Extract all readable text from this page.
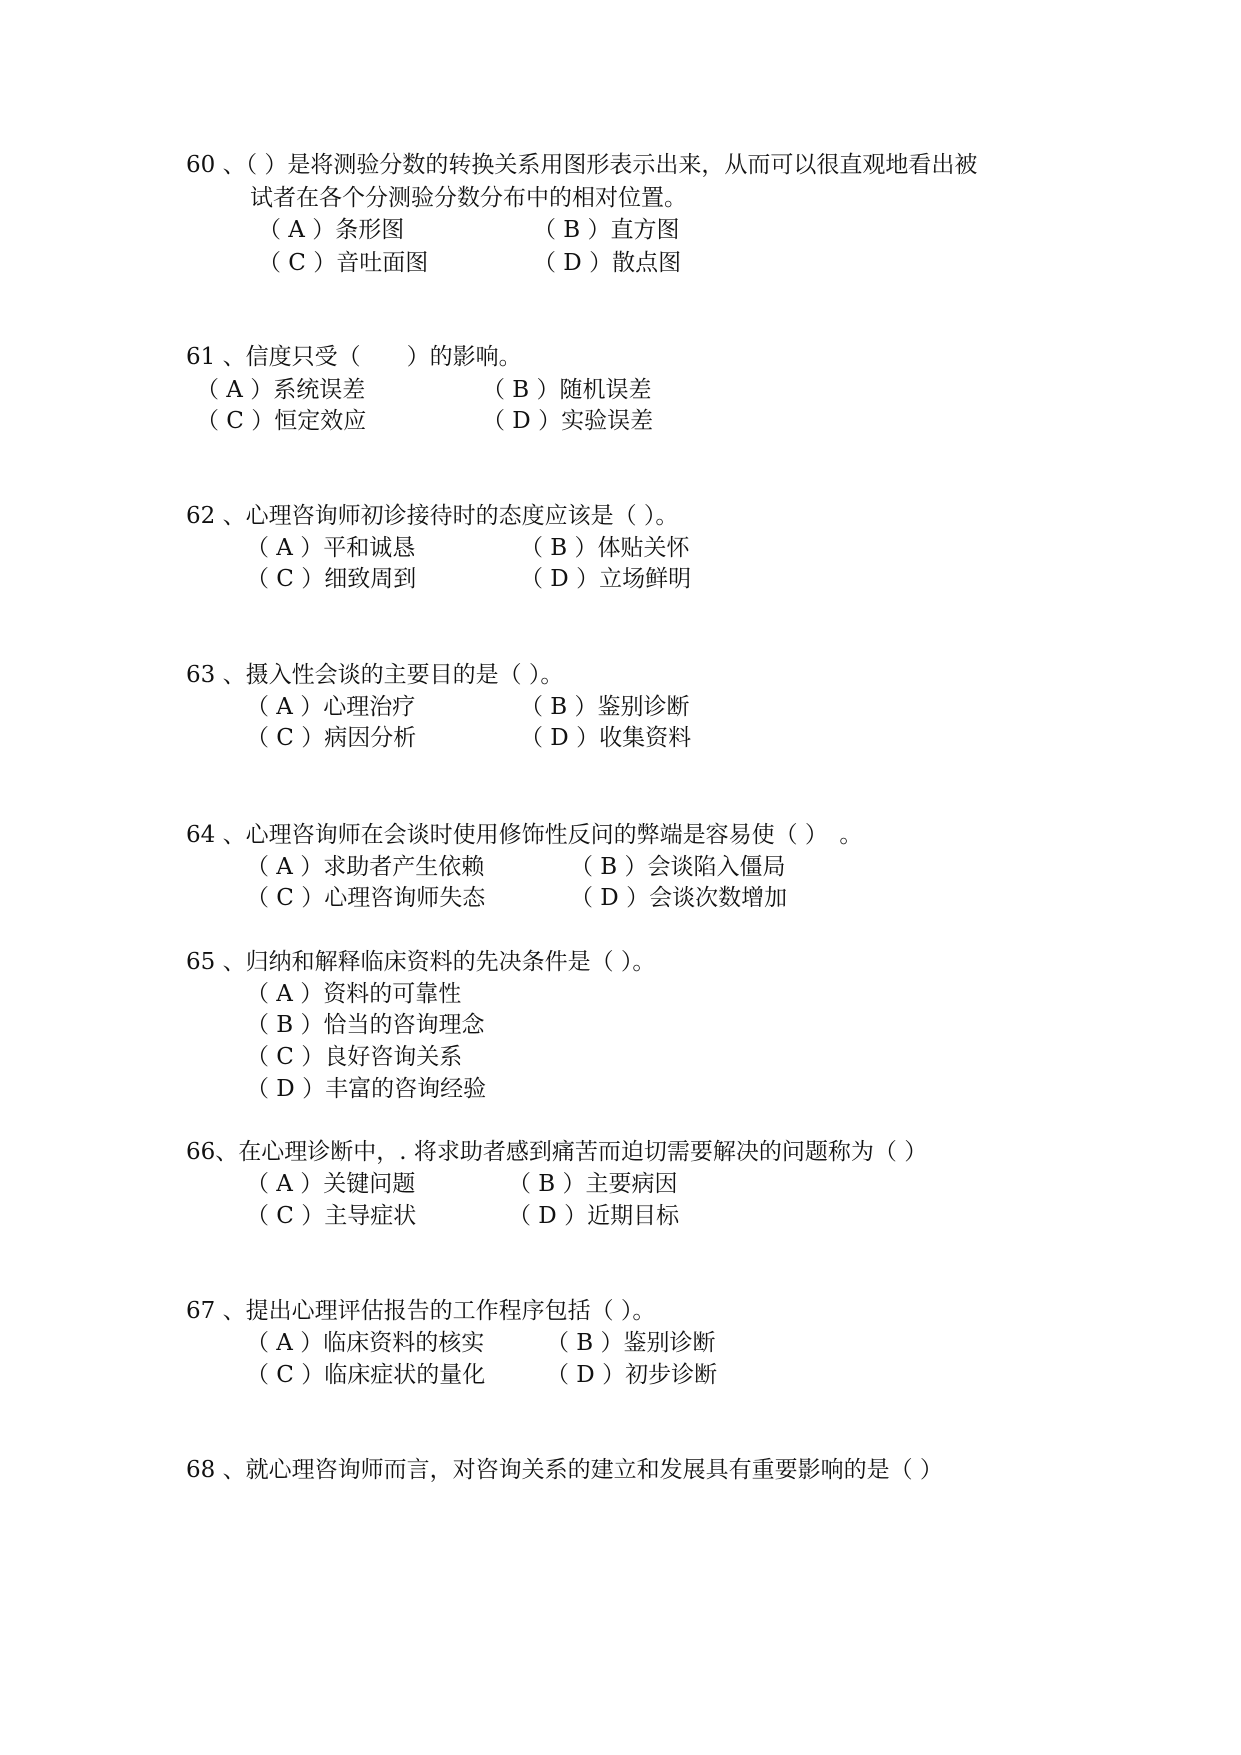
60 、（ ）是将测验分数的转换关系用图形表示出来，从而可以很直观地看出被
试者在各个分测验分数分布中的相对位置。
（ A ）条形图	（ B ）直方图
（ C ）音吐面图	（ D ）散点图
61 、信度只受（　　）的影响。
（ A ）系统误差	（ B ）随机误差
（ C ）恒定效应	（ D ）实验误差
62 、心理咨询师初诊接待时的态度应该是（ ）。
（ A ）平和诚恳	（ B ）体贴关怀
（ C ）细致周到	（ D ）立场鲜明
63 、摄入性会谈的主要目的是（ ）。
（ A ）心理治疗	（ B ）鉴别诊断
（ C ）病因分析	（ D ）收集资料
64 、心理咨询师在会谈时使用修饰性反问的弊端是容易使（ ）　。
（ A ）求助者产生依赖	（ B ）会谈陷入僵局
（ C ）心理咨询师失态	（ D ）会谈次数增加
65 、归纳和解释临床资料的先决条件是（ ）。
（ A ）资料的可靠性
（ B ）恰当的咨询理念
（ C ）良好咨询关系
（ D ）丰富的咨询经验
66、在心理诊断中，. 将求助者感到痛苦而迫切需要解决的问题称为（ ）
（ A ）关键问题	（ B ）主要病因
（ C ）主导症状	（ D ）近期目标
67 、提出心理评估报告的工作程序包括（ ）。
（ A ）临床资料的核实	（ B ）鉴别诊断
（ C ）临床症状的量化	（ D ）初步诊断
68 、就心理咨询师而言，对咨询关系的建立和发展具有重要影响的是（ ）
